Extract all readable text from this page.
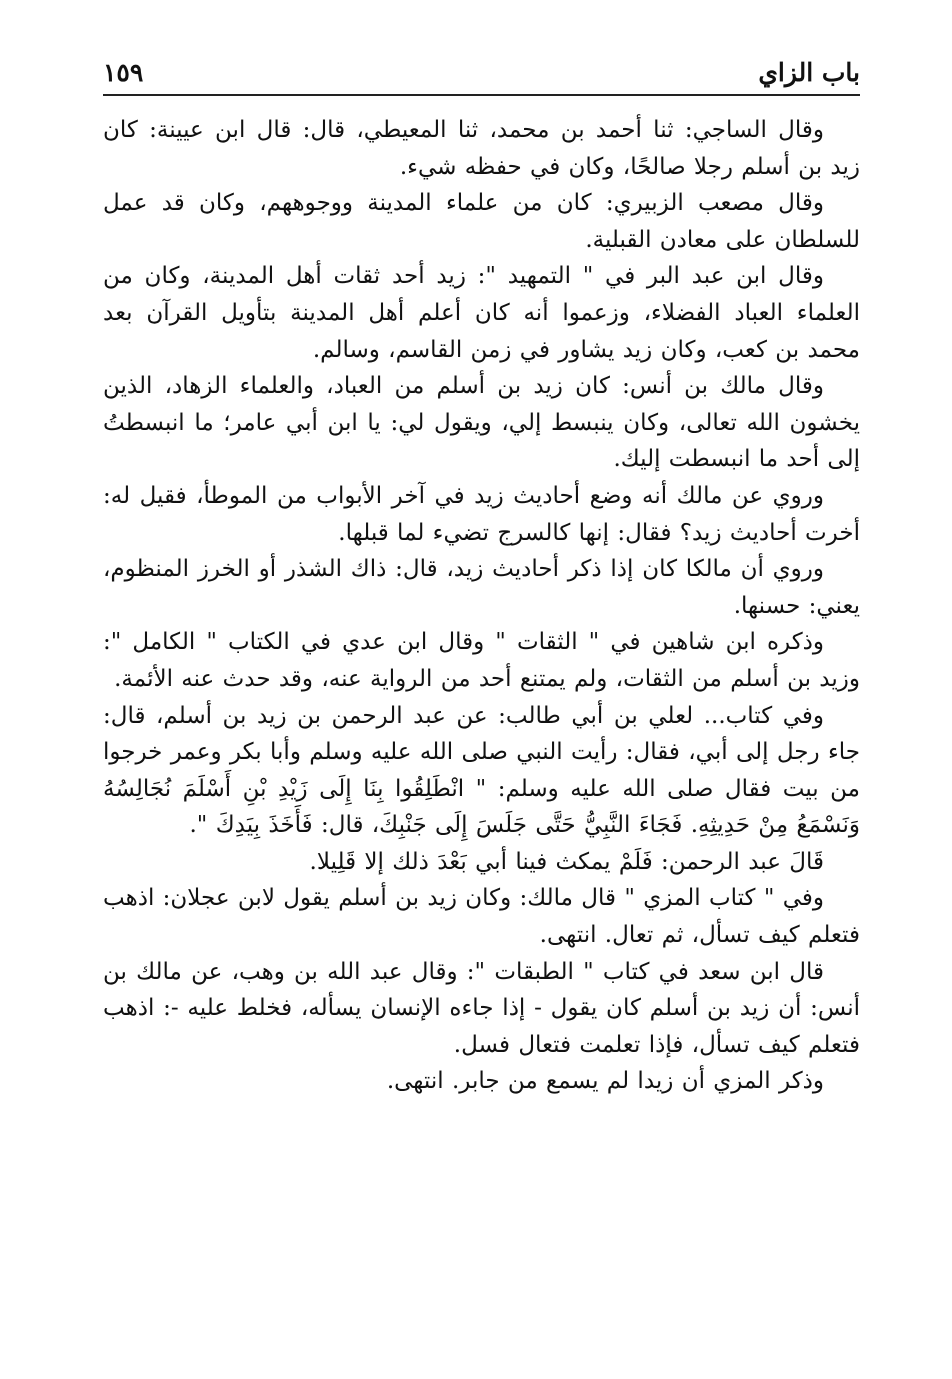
باب الزاي
١٥٩

وقال الساجي: ثنا أحمد بن محمد، ثنا المعيطي، قال: قال ابن عيينة: كان زيد بن أسلم رجلا صالحًا، وكان في حفظه شيء.

وقال مصعب الزبيري: كان من علماء المدينة ووجوههم، وكان قد عمل للسلطان على معادن القبلية.

وقال ابن عبد البر في " التمهيد ": زيد أحد ثقات أهل المدينة، وكان من العلماء العباد الفضلاء، وزعموا أنه كان أعلم أهل المدينة بتأويل القرآن بعد محمد بن كعب، وكان زيد يشاور في زمن القاسم، وسالم.

وقال مالك بن أنس: كان زيد بن أسلم من العباد، والعلماء الزهاد، الذين يخشون الله تعالى، وكان ينبسط إلي، ويقول لي: يا ابن أبي عامر؛ ما انبسطتُ إلى أحد ما انبسطت إليك.

وروي عن مالك أنه وضع أحاديث زيد في آخر الأبواب من الموطأ، فقيل له: أخرت أحاديث زيد؟ فقال: إنها كالسرج تضيء لما قبلها.

وروي أن مالكا كان إذا ذكر أحاديث زيد، قال: ذاك الشذر أو الخرز المنظوم، يعني: حسنها.

وذكره ابن شاهين في " الثقات " وقال ابن عدي في الكتاب " الكامل ": وزيد بن أسلم من الثقات، ولم يمتنع أحد من الرواية عنه، وقد حدث عنه الأئمة.

وفي كتاب... لعلي بن أبي طالب: عن عبد الرحمن بن زيد بن أسلم، قال: جاء رجل إلى أبي، فقال: رأيت النبي صلى الله عليه وسلم وأبا بكر وعمر خرجوا من بيت فقال صلى الله عليه وسلم: " انْطَلِقُوا بِنَا إِلَى زَيْدِ بْنِ أَسْلَمَ نُجَالِسُهُ وَنَسْمَعُ مِنْ حَدِيثِهِ. فَجَاءَ النَّبِيُّ حَتَّى جَلَسَ إِلَى جَنْبِكَ، قال: فَأَخَذَ بِيَدِكَ ".

قَالَ عبد الرحمن: فَلَمْ يمكث فينا أبي بَعْدَ ذلك إلا قَلِيلا.

وفي " كتاب المزي " قال مالك: وكان زيد بن أسلم يقول لابن عجلان: اذهب فتعلم كيف تسأل، ثم تعال. انتهى.

قال ابن سعد في كتاب " الطبقات ": وقال عبد الله بن وهب، عن مالك بن أنس: أن زيد بن أسلم كان يقول - إذا جاءه الإنسان يسأله، فخلط عليه -: اذهب فتعلم كيف تسأل، فإذا تعلمت فتعال فسل.

وذكر المزي أن زيدا لم يسمع من جابر. انتهى.
